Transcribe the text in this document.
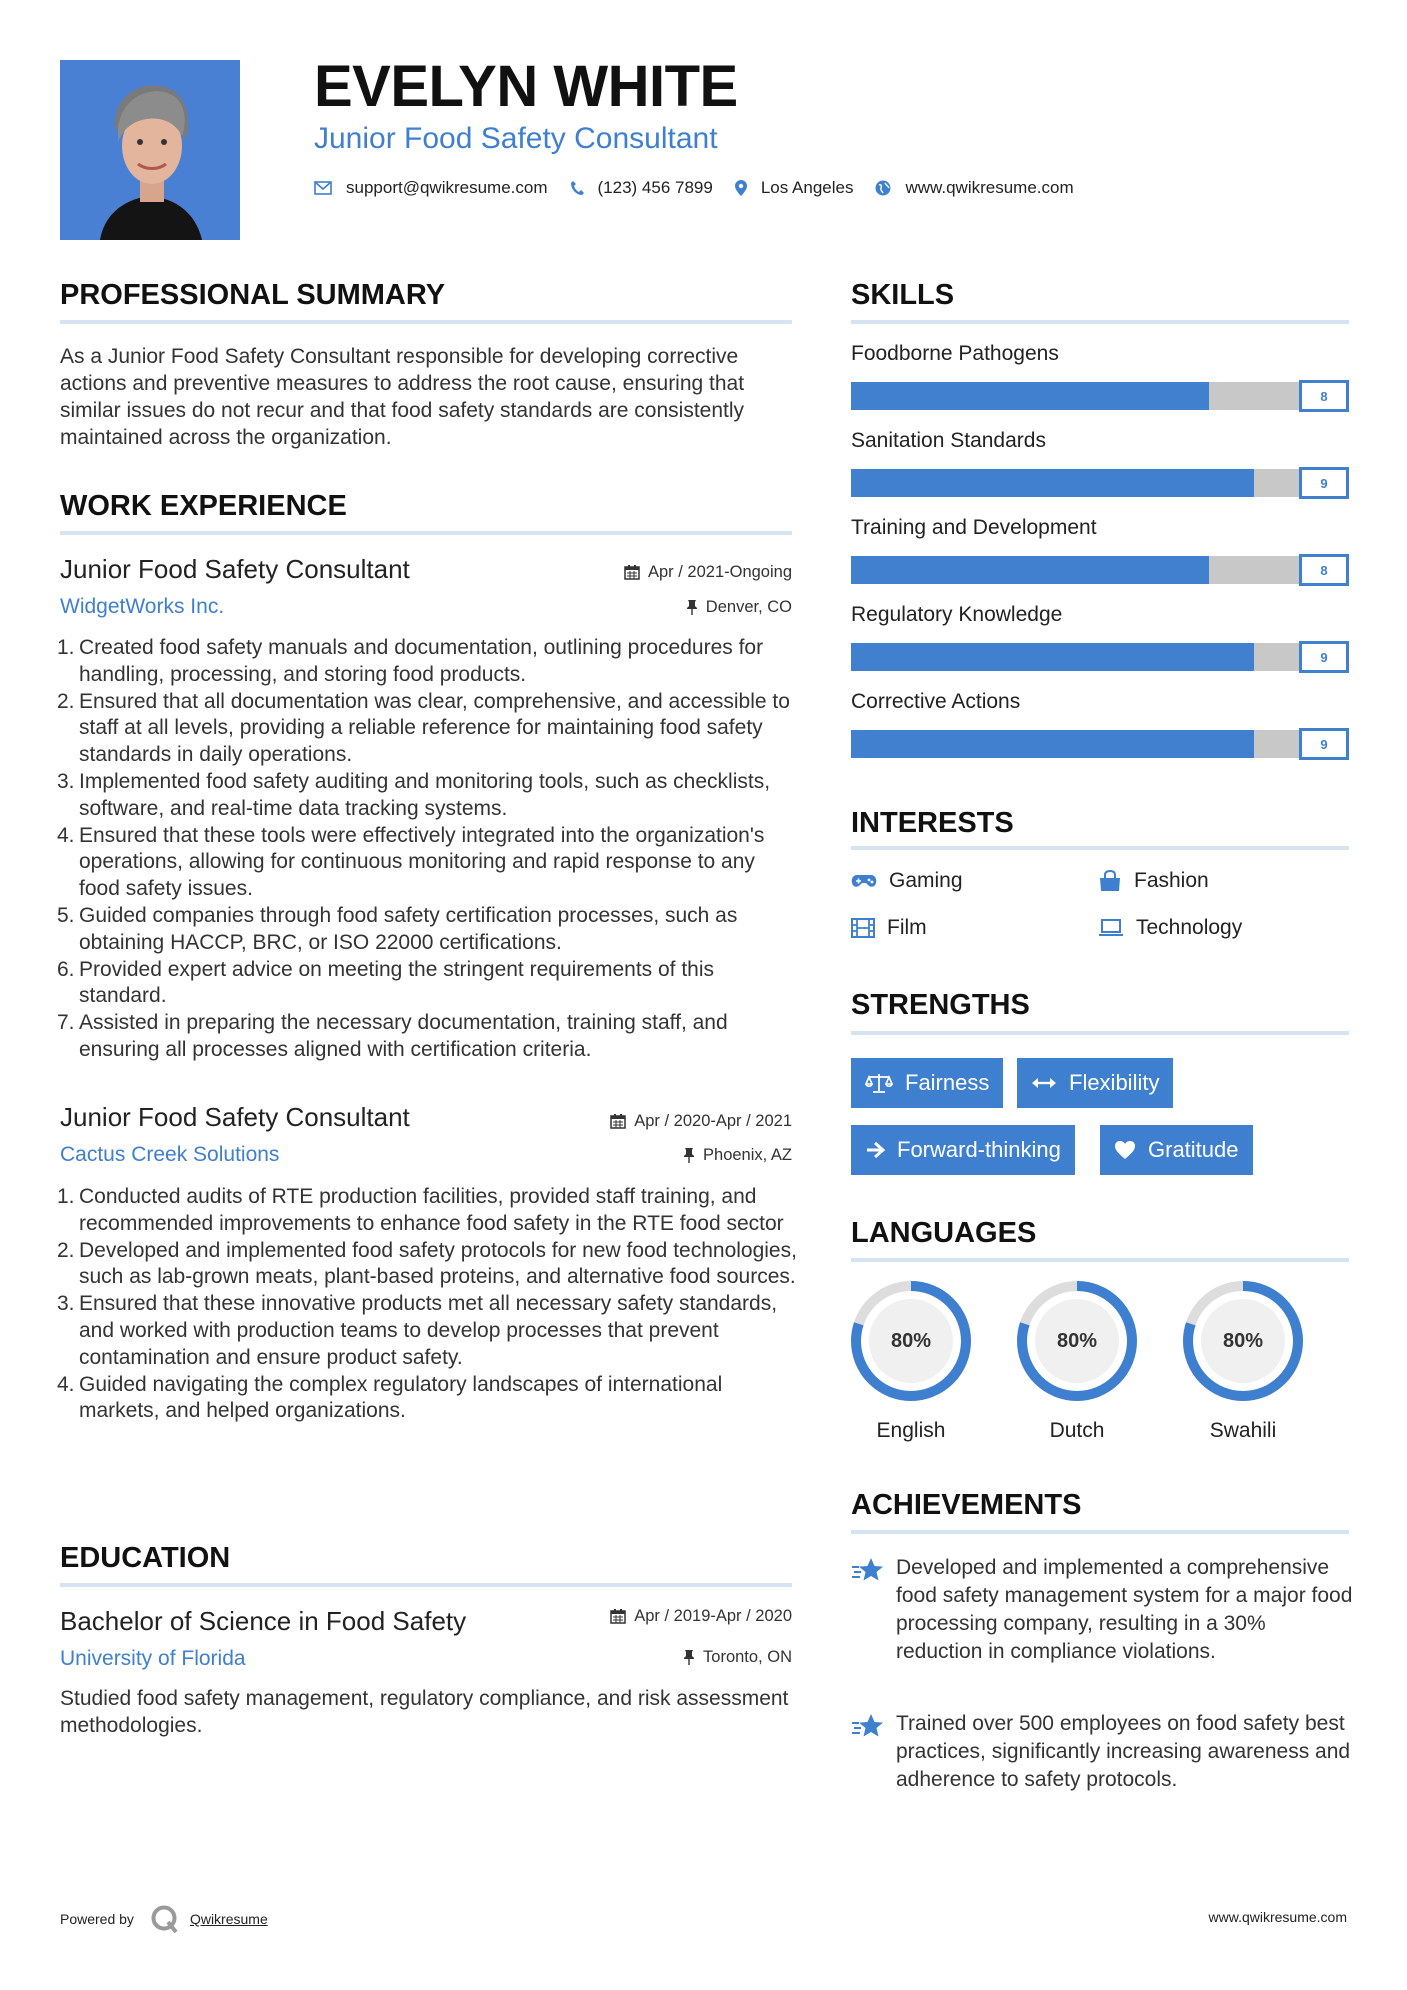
EVELYN WHITE
Junior Food Safety Consultant
support@qwikresume.com	(123) 456 7899	Los Angeles	www.qwikresume.com
PROFESSIONAL SUMMARY
As a Junior Food Safety Consultant responsible for developing corrective actions and preventive measures to address the root cause, ensuring that similar issues do not recur and that food safety standards are consistently maintained across the organization.
WORK EXPERIENCE
Junior Food Safety Consultant	Apr / 2021-Ongoing
WidgetWorks Inc.	Denver, CO
1. Created food safety manuals and documentation, outlining procedures for handling, processing, and storing food products.
2. Ensured that all documentation was clear, comprehensive, and accessible to staff at all levels, providing a reliable reference for maintaining food safety standards in daily operations.
3. Implemented food safety auditing and monitoring tools, such as checklists, software, and real-time data tracking systems.
4. Ensured that these tools were effectively integrated into the organization's operations, allowing for continuous monitoring and rapid response to any food safety issues.
5. Guided companies through food safety certification processes, such as obtaining HACCP, BRC, or ISO 22000 certifications.
6. Provided expert advice on meeting the stringent requirements of this standard.
7. Assisted in preparing the necessary documentation, training staff, and ensuring all processes aligned with certification criteria.
Junior Food Safety Consultant	Apr / 2020-Apr / 2021
Cactus Creek Solutions	Phoenix, AZ
1. Conducted audits of RTE production facilities, provided staff training, and recommended improvements to enhance food safety in the RTE food sector
2. Developed and implemented food safety protocols for new food technologies, such as lab-grown meats, plant-based proteins, and alternative food sources.
3. Ensured that these innovative products met all necessary safety standards, and worked with production teams to develop processes that prevent contamination and ensure product safety.
4. Guided navigating the complex regulatory landscapes of international markets, and helped organizations.
EDUCATION
Bachelor of Science in Food Safety	Apr / 2019-Apr / 2020
University of Florida	Toronto, ON
Studied food safety management, regulatory compliance, and risk assessment methodologies.
SKILLS
Foodborne Pathogens
8
Sanitation Standards
9
Training and Development
8
Regulatory Knowledge
9
Corrective Actions
9
INTERESTS
Gaming	Fashion
Film	Technology
STRENGTHS
Fairness	Flexibility
Forward-thinking	Gratitude
LANGUAGES
80%
English
80%
Dutch
80%
Swahili
ACHIEVEMENTS
Developed and implemented a comprehensive food safety management system for a major food processing company, resulting in a 30% reduction in compliance violations.
Trained over 500 employees on food safety best practices, significantly increasing awareness and adherence to safety protocols.
Powered by	Qwikresume	www.qwikresume.com
